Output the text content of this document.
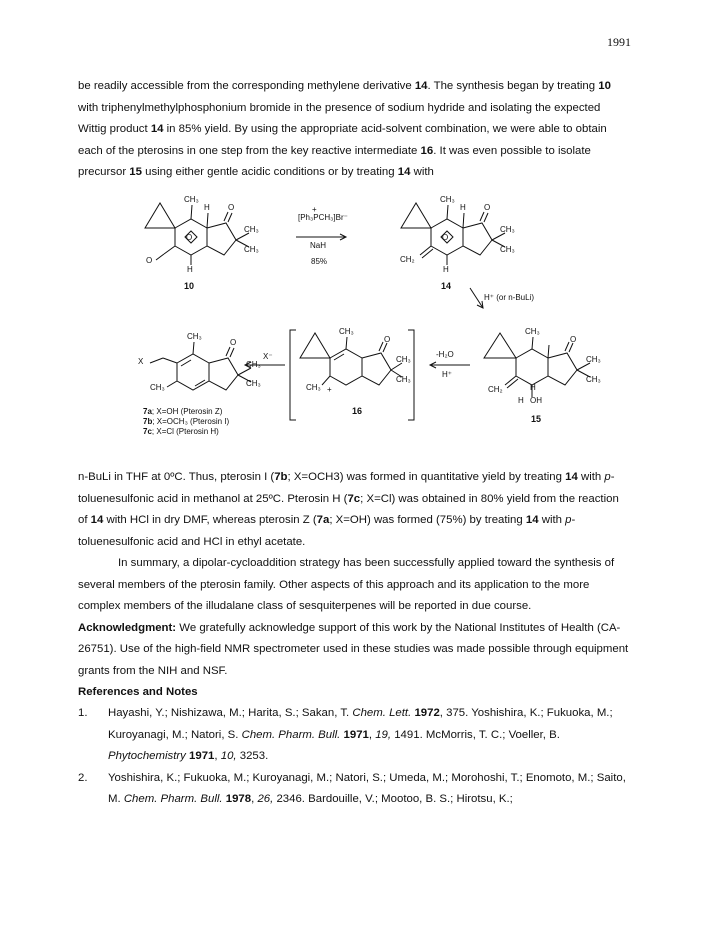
1991

be readily accessible from the corresponding methylene derivative 14. The synthesis began by treating 10 with triphenylmethylphosphonium bromide in the presence of sodium hydride and isolating the expected Wittig product 14 in 85% yield. By using the appropriate acid-solvent combination, we were able to obtain each of the pterosins in one step from the key reactive intermediate 16. It was even possible to isolate precursor 15 using either gentle acidic conditions or by treating 14 with

CH₃
H O
CH₃
CH₃
O
O
H
10
[Ph₃PCH₃]Br⁻
+
NaH
85%
CH₃
H O
CH₃
CH₃
O
CH₂
H
14
H⁺ (or n-BuLi)
CH₃
O
CH₃
CH₃
CH₂	H
H OH
15
-H₂O
H⁺
CH₃
O
CH₃
CH₃
CH₃ +
16
X⁻
CH₃
O
X	CH₃
CH₃
CH₃
7a; X=OH (Pterosin Z)
7b; X=OCH₃ (Pterosin I)
7c; X=Cl (Pterosin H)

n-BuLi in THF at 0ºC. Thus, pterosin I (7b; X=OCH3) was formed in quantitative yield by treating 14 with p-toluenesulfonic acid in methanol at 25ºC. Pterosin H (7c; X=Cl) was obtained in 80% yield from the reaction of 14 with HCl in dry DMF, whereas pterosin Z (7a; X=OH) was formed (75%) by treating 14 with p-toluenesulfonic acid and HCl in ethyl acetate.

In summary, a dipolar-cycloaddition strategy has been successfully applied toward the synthesis of several members of the pterosin family. Other aspects of this approach and its application to the more complex members of the illudalane class of sesquiterpenes will be reported in due course.

Acknowledgment: We gratefully acknowledge support of this work by the National Institutes of Health (CA-26751). Use of the high-field NMR spectrometer used in these studies was made possible through equipment grants from the NIH and NSF.

References and Notes

1.	Hayashi, Y.; Nishizawa, M.; Harita, S.; Sakan, T. Chem. Lett. 1972, 375. Yoshishira, K.; Fukuoka, M.; Kuroyanagi, M.; Natori, S. Chem. Pharm. Bull. 1971, 19, 1491. McMorris, T. C.; Voeller, B. Phytochemistry 1971, 10, 3253.
2.	Yoshishira, K.; Fukuoka, M.; Kuroyanagi, M.; Natori, S.; Umeda, M.; Morohoshi, T.; Enomoto, M.; Saito, M. Chem. Pharm. Bull. 1978, 26, 2346. Bardouille, V.; Mootoo, B. S.; Hirotsu, K.;
